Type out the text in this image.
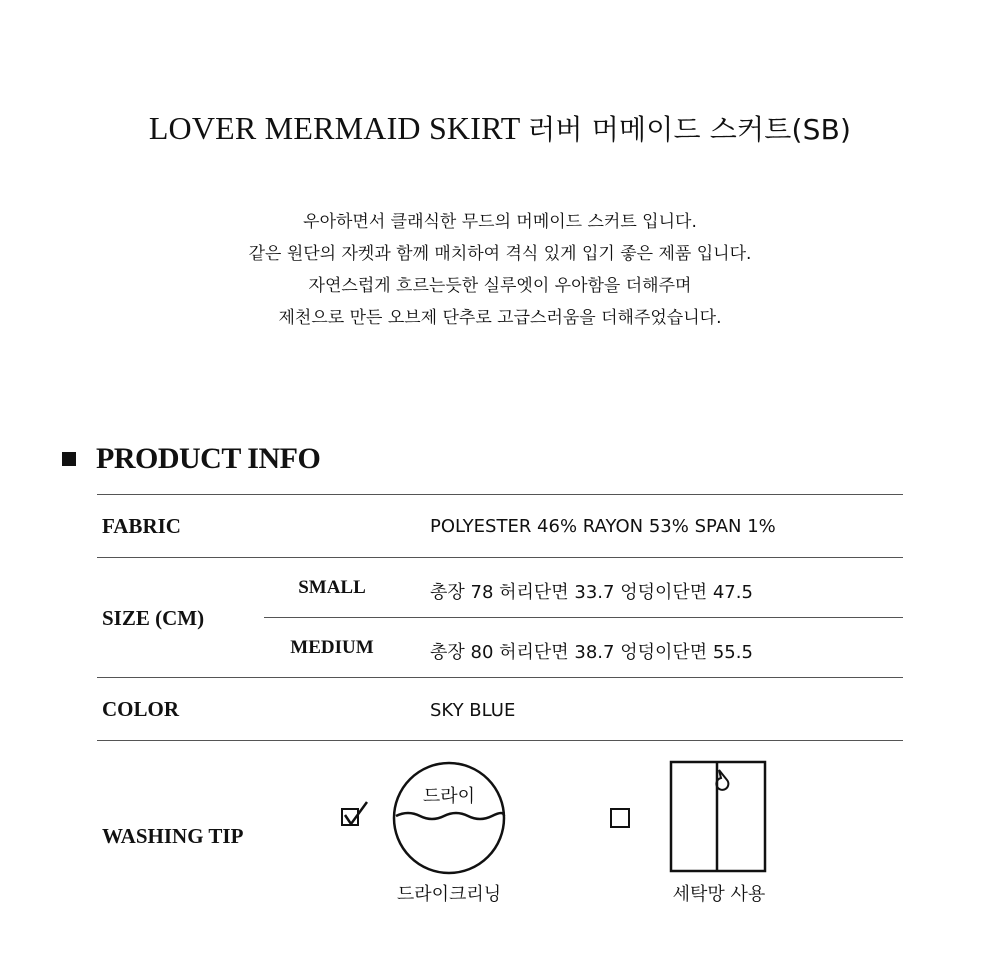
LOVER MERMAID SKIRT 러버 머메이드 스커트(SB)
우아하면서 클래식한 무드의 머메이드 스커트 입니다.
같은 원단의 자켓과 함께 매치하여 격식 있게 입기 좋은 제품 입니다.
자연스럽게 흐르는듯한 실루엣이 우아함을 더해주며
제천으로 만든 오브제 단추로 고급스러움을 더해주었습니다.
PRODUCT INFO
FABRIC	POLYESTER 46% RAYON 53% SPAN 1%
SIZE (CM)
SMALL	총장 78 허리단면 33.7 엉덩이단면 47.5
MEDIUM	총장 80 허리단면 38.7 엉덩이단면 55.5
COLOR	SKY BLUE
WASHING TIP
드라이
드라이크리닝	세탁망 사용
